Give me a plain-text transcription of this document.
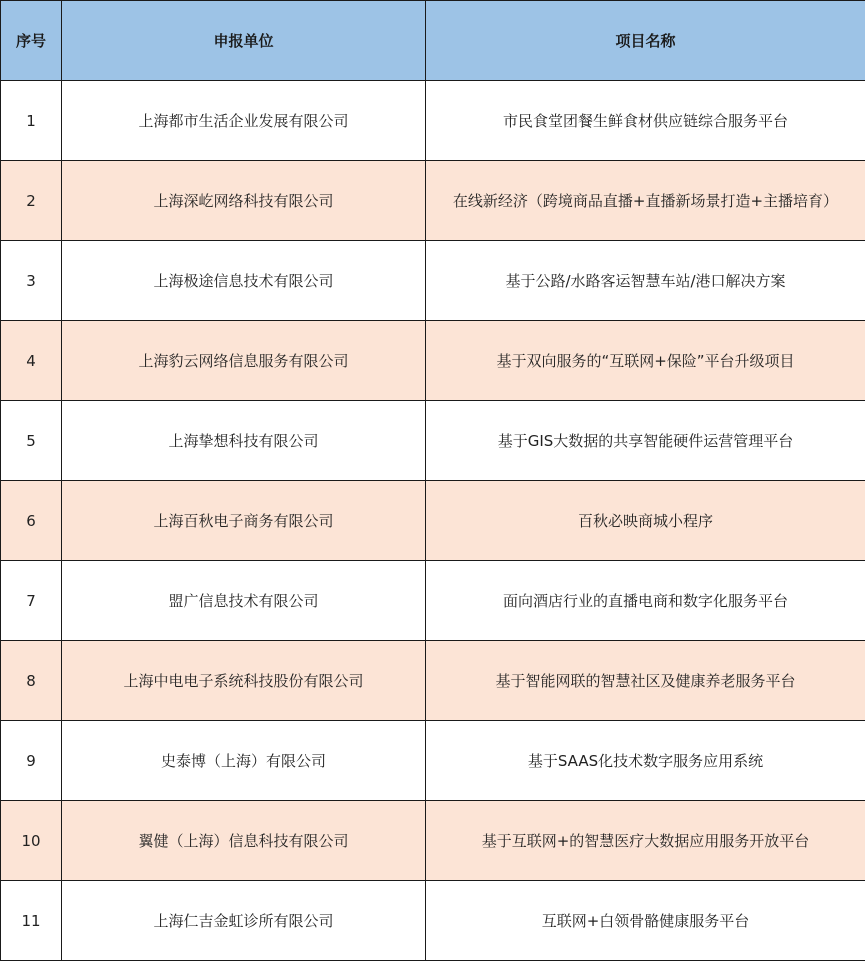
序号	申报单位	项目名称
1	上海都市生活企业发展有限公司	市民食堂团餐生鲜食材供应链综合服务平台
2	上海深屹网络科技有限公司	在线新经济（跨境商品直播+直播新场景打造+主播培育）
3	上海极途信息技术有限公司	基于公路/水路客运智慧车站/港口解决方案
4	上海豹云网络信息服务有限公司	基于双向服务的“互联网+保险”平台升级项目
5	上海挚想科技有限公司	基于GIS大数据的共享智能硬件运营管理平台
6	上海百秋电子商务有限公司	百秋必映商城小程序
7	盟广信息技术有限公司	面向酒店行业的直播电商和数字化服务平台
8	上海中电电子系统科技股份有限公司	基于智能网联的智慧社区及健康养老服务平台
9	史泰博（上海）有限公司	基于SAAS化技术数字服务应用系统
10	翼健（上海）信息科技有限公司	基于互联网+的智慧医疗大数据应用服务开放平台
11	上海仁吉金虹诊所有限公司	互联网+白领骨骼健康服务平台
